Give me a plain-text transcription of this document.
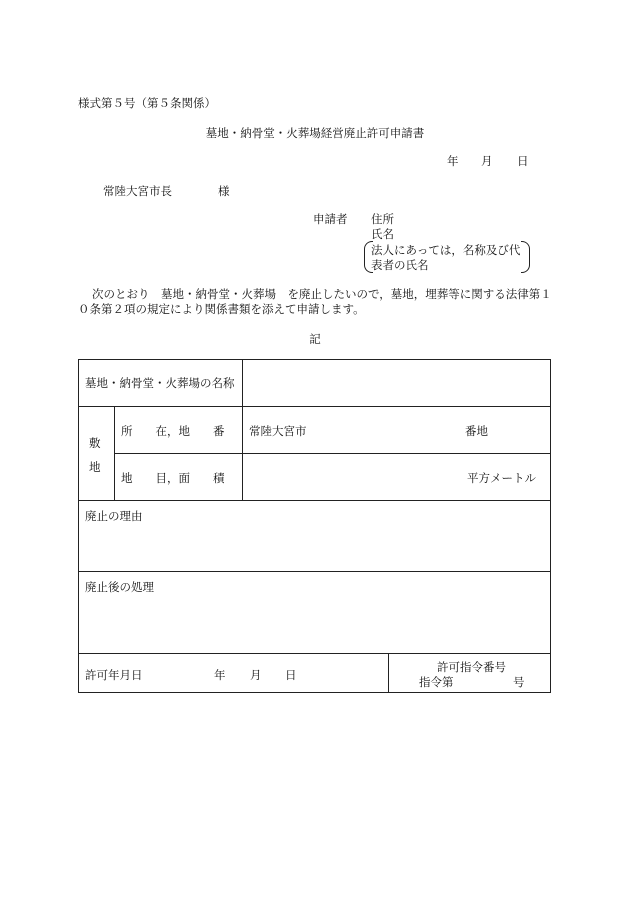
様式第５号（第５条関係）
墓地・納骨堂・火葬場経営廃止許可申請書
年 月 日
常陸大宮市長	様
申請者 住所
氏名
法人にあっては，名称及び代
表者の氏名
次のとおり　墓地・納骨堂・火葬場　を廃止したいので，墓地，埋葬等に関する法律第１
０条第２項の規定により関係書類を添えて申請します。
記
墓地・納骨堂・火葬場の名称
敷
地
所　　在，地　　番 常陸大宮市	番地
地　　目，面　　積	平方メートル
廃止の理由
廃止後の処理
許可年月日	年 月 日
許可指令番号
指令第	号
